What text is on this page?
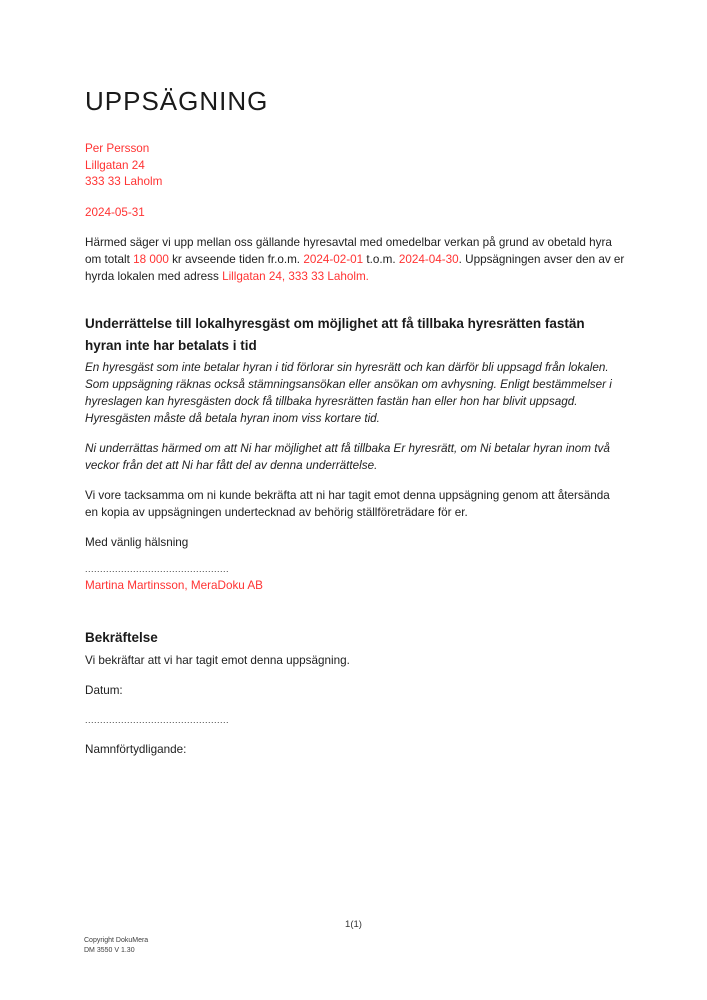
UPPSÄGNING
Per Persson
Lillgatan 24
333 33 Laholm
2024-05-31

Härmed säger vi upp mellan oss gällande hyresavtal med omedelbar verkan på grund av obetald hyra om totalt 18 000 kr avseende tiden fr.o.m. 2024-02-01 t.o.m. 2024-04-30. Uppsägningen avser den av er hyrda lokalen med adress Lillgatan 24, 333 33 Laholm.

Underrättelse till lokalhyresgäst om möjlighet att få tillbaka hyresrätten fastän hyran inte har betalats i tid

En hyresgäst som inte betalar hyran i tid förlorar sin hyresrätt och kan därför bli uppsagd från lokalen. Som uppsägning räknas också stämningsansökan eller ansökan om avhysning. Enligt bestämmelser i hyreslagen kan hyresgästen dock få tillbaka hyresrätten fastän han eller hon har blivit uppsagd. Hyresgästen måste då betala hyran inom viss kortare tid.

Ni underrättas härmed om att Ni har möjlighet att få tillbaka Er hyresrätt, om Ni betalar hyran inom två veckor från det att Ni har fått del av denna underrättelse.

Vi vore tacksamma om ni kunde bekräfta att ni har tagit emot denna uppsägning genom att återsända en kopia av uppsägningen undertecknad av behörig ställföreträdare för er.

Med vänlig hälsning

................................................
Martina Martinsson, MeraDoku AB
Bekräftelse

Vi bekräftar att vi har tagit emot denna uppsägning.

Datum:

................................................

Namnförtydligande:

1(1)
Copyright DokuMera
DM 3550 V 1.30
